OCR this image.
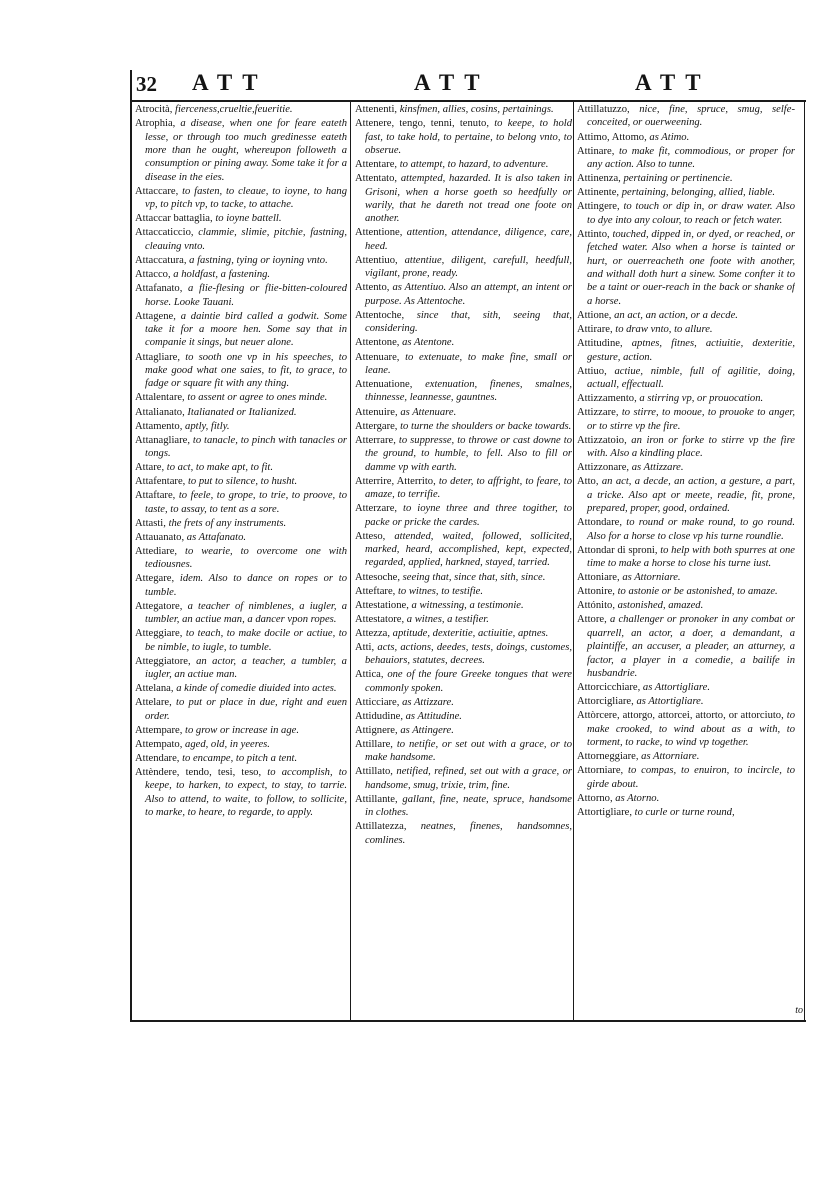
32 ATT	ATT	ATT

Atrocità, fierceness,crueltie,feueritie.

Atrophia, a disease, when one for feare eateth lesse, or through too much gredinesse eateth more than he ought, whereupon followeth a consumption or pining away. Some take it for a disease in the eies.

Attaccare, to fasten, to cleaue, to ioyne, to hang vp, to pitch vp, to tacke, to attache.

Attaccar battaglia, to ioyne battell.

Attaccaticcio, clammie, slimie, pitchie, fastning, cleauing vnto.

Attaccatura, a fastning, tying or ioyning vnto.

Attacco, a holdfast, a fastening.

Attafanato, a flie-flesing or flie-bitten-coloured horse. Looke Tauani.

Attagene, a daintie bird called a godwit. Some take it for a moore hen. Some say that in companie it sings, but neuer alone.

Attagliare, to sooth one vp in his speeches, to make good what one saies, to fit, to grace, to fadge or square fit with any thing.

Attalentare, to assent or agree to ones minde.

Attalianato, Italianated or Italianized.

Attamento, aptly, fitly.

Attanagliare, to tanacle, to pinch with tanacles or tongs.

Attare, to act, to make apt, to fit.

Attafentare, to put to silence, to husht.

Attaftare, to feele, to grope, to trie, to proove, to taste, to assay, to tent as a sore.

Attasti, the frets of any instruments.

Attauanato, as Attafanato.

Attediare, to wearie, to overcome one with tediousnes.

Attegare, idem. Also to dance on ropes or to tumble.

Attegatore, a teacher of nimblenes, a iugler, a tumbler, an actiue man, a dancer vpon ropes.

Atteggiare, to teach, to make docile or actiue, to be nimble, to iugle, to tumble.

Atteggiatore, an actor, a teacher, a tumbler, a iugler, an actiue man.

Attelana, a kinde of comedie diuided into actes.

Attelare, to put or place in due, right and euen order.

Attempare, to grow or increase in age.

Attempato, aged, old, in yeeres.

Attendare, to encampe, to pitch a tent.

Attèndere, tendo, tesi, teso, to accomplish, to keepe, to harken, to expect, to stay, to tarrie. Also to attend, to waite, to follow, to sollicite, to marke, to heare, to regarde, to apply.

Attenenti, kinsfmen, allies, cosins, pertainings.

Attenere, tengo, tenni, tenuto, to keepe, to hold fast, to take hold, to pertaine, to belong vnto, to obserue.

Attentare, to attempt, to hazard, to adventure.

Attentato, attempted, hazarded. It is also taken in Grisoni, when a horse goeth so heedfully or warily, that he dareth not tread one foote on another.

Attentione, attention, attendance, diligence, care, heed.

Attentiuo, attentiue, diligent, carefull, heedfull, vigilant, prone, ready.

Attento, as Attentiuo. Also an attempt, an intent or purpose. As Attentoche.

Attentoche, since that, sith, seeing that, considering.

Attentone, as Atentone.

Attenuare, to extenuate, to make fine, small or leane.

Attenuatione, extenuation, finenes, smalnes, thinnesse, leannesse, gauntnes.

Attenuire, as Attenuare.

Attergare, to turne the shoulders or backe towards.

Atterrare, to suppresse, to throwe or cast downe to the ground, to humble, to fell. Also to fill or damme vp with earth.

Atterrire, Atterrito, to deter, to affright, to feare, to amaze, to terrifie.

Atterzare, to ioyne three and three togither, to packe or pricke the cardes.

Atteso, attended, waited, followed, sollicited, marked, heard, accomplished, kept, expected, regarded, applied, harkned, stayed, tarried.

Attesoche, seeing that, since that, sith, since.

Atteftare, to witnes, to testifie.

Attestatione, a witnessing, a testimonie.

Attestatore, a witnes, a testifier.

Attezza, aptitude, dexteritie, actiuitie, aptnes.

Atti, acts, actions, deedes, tests, doings, customes, behauiors, statutes, decrees.

Attica, one of the foure Greeke tongues that were commonly spoken.

Atticciare, as Attizzare.

Attidudine, as Attitudine.

Attignere, as Attingere.

Attillare, to netifie, or set out with a grace, or to make handsome.

Attillato, netified, refined, set out with a grace, or handsome, smug, trixie, trim, fine.

Attillante, gallant, fine, neate, spruce, handsome in clothes.

Attillatezza, neatnes, finenes, handsomnes, comlines.

Attillatuzzo, nice, fine, spruce, smug, selfe-conceited, or ouerweening.

Attimo, Attomo, as Atimo.

Attinare, to make fit, commodious, or proper for any action. Also to tunne.

Attinenza, pertaining or pertinencie.

Attinente, pertaining, belonging, allied, liable.

Attingere, to touch or dip in, or draw water. Also to dye into any colour, to reach or fetch water.

Attinto, touched, dipped in, or dyed, or reached, or fetched water. Also when a horse is tainted or hurt, or ouerreacheth one foote with another, and withall doth hurt a sinew. Some confter it to be a taint or ouer-reach in the back or shanke of a horse.

Attione, an act, an action, or a decde.

Attirare, to draw vnto, to allure.

Attitudine, aptnes, fitnes, actiuitie, dexteritie, gesture, action.

Attiuo, actiue, nimble, full of agilitie, doing, actuall, effectuall.

Attizzamento, a stirring vp, or prouocation.

Attizzare, to stirre, to mooue, to prouoke to anger, or to stirre vp the fire.

Attizzatoio, an iron or forke to stirre vp the fire with. Also a kindling place.

Attizzonare, as Attizzare.

Atto, an act, a decde, an action, a gesture, a part, a tricke. Also apt or meete, readie, fit, prone, prepared, proper, good, ordained.

Attondare, to round or make round, to go round. Also for a horse to close vp his turne roundlie.

Attondar di sproni, to help with both spurres at one time to make a horse to close his turne iust.

Attoniare, as Attorniare.

Attonire, to astonie or be astonished, to amaze.

Attónito, astonished, amazed.

Attore, a challenger or pronoker in any combat or quarrell, an actor, a doer, a demandant, a plaintiffe, an accuser, a pleader, an atturney, a factor, a player in a comedie, a bailife in husbandrie.

Attorcicchiare, as Attortigliare.

Attorcigliare, as Attortigliare.

Attòrcere, attorgo, attorcei, attorto, or attorciuto, to make crooked, to wind about as a with, to torment, to racke, to wind vp together.

Attorneggiare, as Attorniare.

Attorniare, to compas, to enuiron, to incircle, to girde about.

Attorno, as Atorno.

Attortigliare, to curle or turne round,

to
